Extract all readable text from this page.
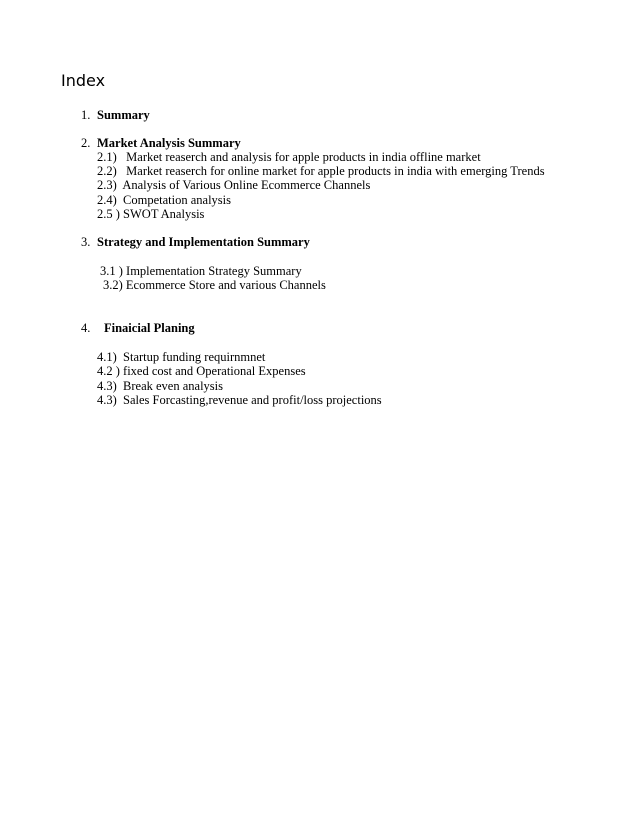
Index
1. Summary
2. Market Analysis Summary
2.1)   Market reaserch and analysis for apple products in india offline market
2.2)   Market reaserch for online market for apple products in india with emerging Trends
2.3)  Analysis of Various Online Ecommerce Channels
2.4)  Competation analysis
2.5 ) SWOT Analysis
3. Strategy and Implementation Summary
3.1 ) Implementation Strategy Summary
3.2) Ecommerce Store and various Channels
4. Finaicial Planing
4.1)  Startup funding requirnmnet
4.2 ) fixed cost and Operational Expenses
4.3)  Break even analysis
4.3)  Sales Forcasting,revenue and profit/loss projections
